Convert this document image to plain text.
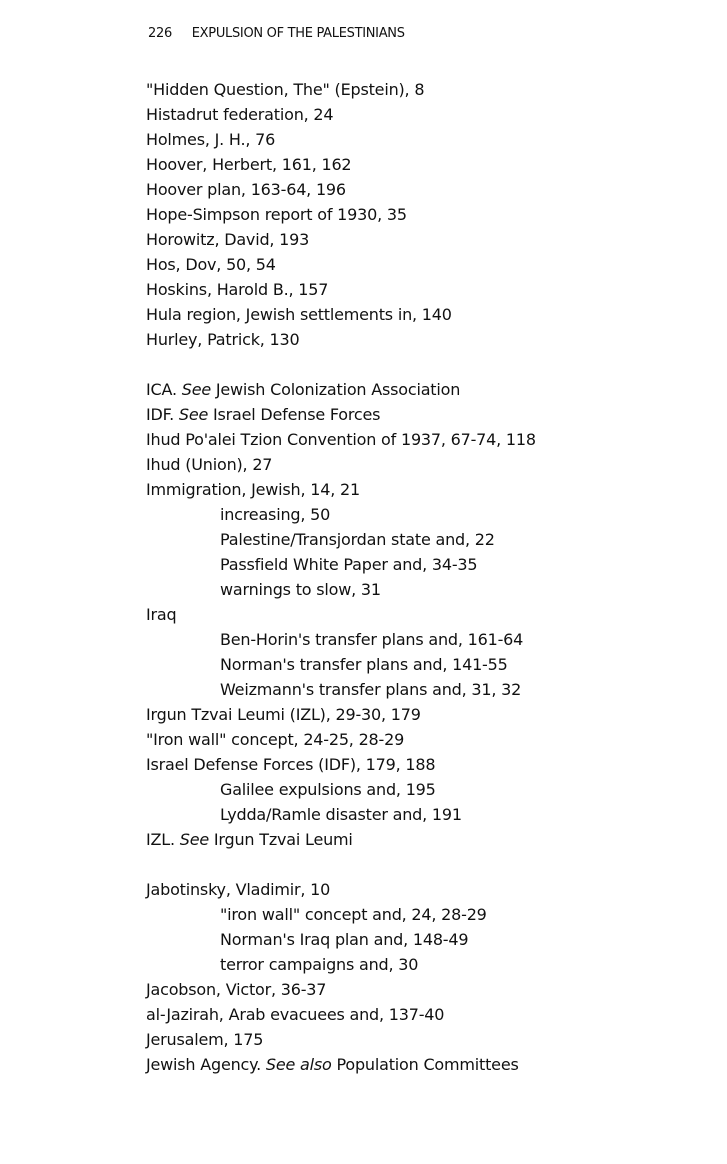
226 EXPULSION OF THE PALESTINIANS
"Hidden Question, The" (Epstein), 8
Histadrut federation, 24
Holmes, J. H., 76
Hoover, Herbert, 161, 162
Hoover plan, 163-64, 196
Hope-Simpson report of 1930, 35
Horowitz, David, 193
Hos, Dov, 50, 54
Hoskins, Harold B., 157
Hula region, Jewish settlements in, 140
Hurley, Patrick, 130
ICA. See Jewish Colonization Association
IDF. See Israel Defense Forces
Ihud Po'alei Tzion Convention of 1937, 67-74, 118
Ihud (Union), 27
Immigration, Jewish, 14, 21
increasing, 50
Palestine/Transjordan state and, 22
Passfield White Paper and, 34-35
warnings to slow, 31
Iraq
Ben-Horin's transfer plans and, 161-64
Norman's transfer plans and, 141-55
Weizmann's transfer plans and, 31, 32
Irgun Tzvai Leumi (IZL), 29-30, 179
"Iron wall" concept, 24-25, 28-29
Israel Defense Forces (IDF), 179, 188
Galilee expulsions and, 195
Lydda/Ramle disaster and, 191
IZL. See Irgun Tzvai Leumi
Jabotinsky, Vladimir, 10
"iron wall" concept and, 24, 28-29
Norman's Iraq plan and, 148-49
terror campaigns and, 30
Jacobson, Victor, 36-37
al-Jazirah, Arab evacuees and, 137-40
Jerusalem, 175
Jewish Agency. See also Population Committees
